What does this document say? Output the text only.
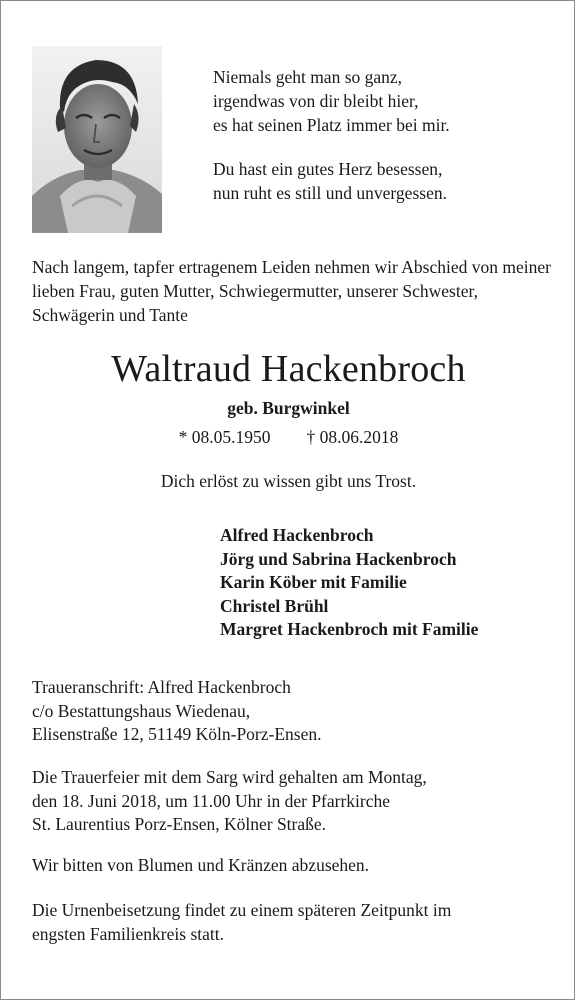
Niemals geht man so ganz,
irgendwas von dir bleibt hier,
es hat seinen Platz immer bei mir.

Du hast ein gutes Herz besessen,
nun ruht es still und unvergessen.

Nach langem, tapfer ertragenem Leiden nehmen wir Abschied von meiner lieben Frau, guten Mutter, Schwiegermutter, unserer Schwester, Schwägerin und Tante

Waltraud Hackenbroch

geb. Burgwinkel

* 08.05.1950 † 08.06.2018

Dich erlöst zu wissen gibt uns Trost.

Alfred Hackenbroch
Jörg und Sabrina Hackenbroch
Karin Köber mit Familie
Christel Brühl
Margret Hackenbroch mit Familie

Traueranschrift: Alfred Hackenbroch
c/o Bestattungshaus Wiedenau,
Elisenstraße 12, 51149 Köln-Porz-Ensen.

Die Trauerfeier mit dem Sarg wird gehalten am Montag,
den 18. Juni 2018, um 11.00 Uhr in der Pfarrkirche
St. Laurentius Porz-Ensen, Kölner Straße.

Wir bitten von Blumen und Kränzen abzusehen.

Die Urnenbeisetzung findet zu einem späteren Zeitpunkt im
engsten Familienkreis statt.
